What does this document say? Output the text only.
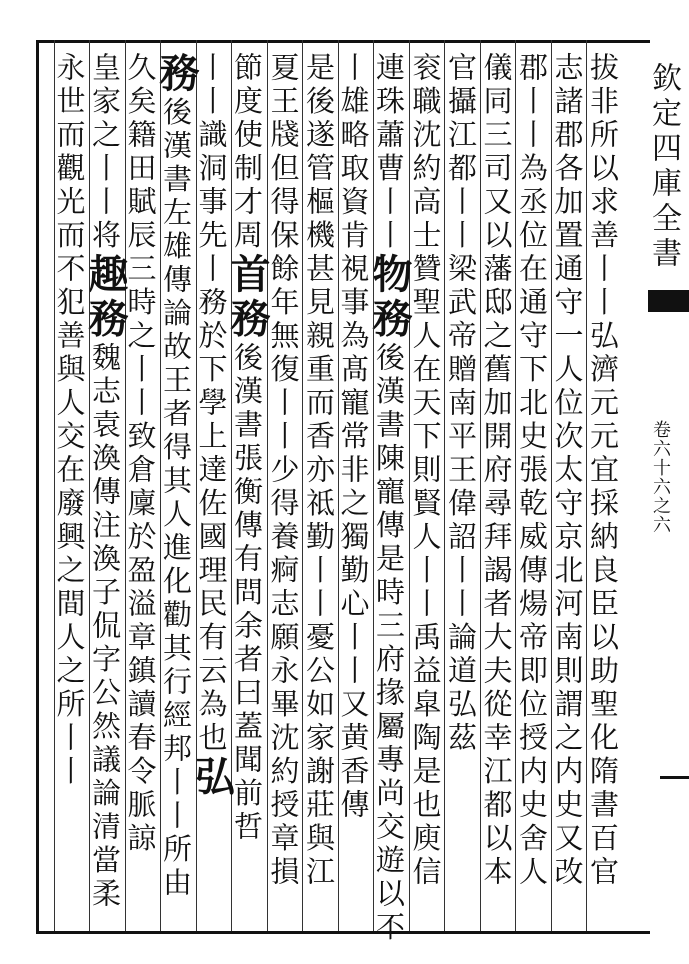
欽定四庫全書
卷六十六之六
拔非所以求善丨丨弘濟元元宜採納良臣以助聖化隋書百官
志諸郡各加置通守一人位次太守京北河南則謂之内史又改
郡丨丨為丞位在通守下北史張乾威傳煬帝即位授内史舍人
儀同三司又以藩邸之舊加開府尋拜謁者大夫從幸江都以本
官攝江都丨丨梁武帝贈南平王偉詔丨丨論道弘茲
衮職沈約高士贊聖人在天下則賢人丨丨禹益皐陶是也庾信
連珠蕭曹丨丨物務後漢書陳寵傳是時三府掾屬專尚交遊以不
丨雄略取資肯視事為髙寵常非之獨勤心丨丨又黄香傳
是後遂管樞機甚見親重而香亦祗勤丨丨憂公如家謝莊與江
夏王牋但得保餘年無復丨丨少得養痾志願永畢沈約授章損
節度使制才周首務後漢書張衡傳有問余者曰蓋聞前哲
丨丨識洞事先丨務於下學上達佐國理民有云為也弘
務後漢書左雄傳論故王者得其人進化勸其行經邦丨丨所由
久矣籍田賦辰三時之丨丨致倉廩於盈溢章鎮讀春令脈諒
皇家之丨丨将趣務魏志袁渙傳注渙子侃字公然議論清當柔
永世而觀光而不犯善與人交在廢興之間人之所丨丨
